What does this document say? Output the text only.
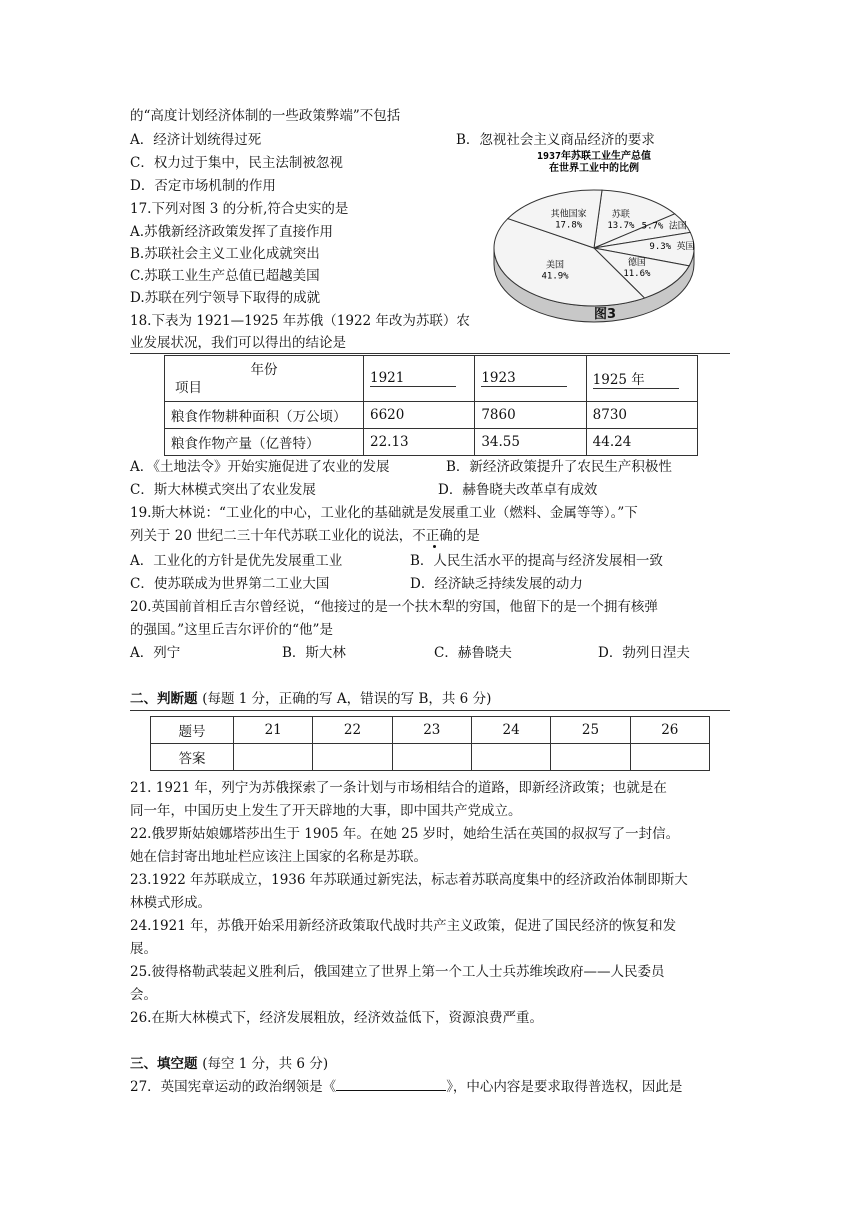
的“高度计划经济体制的一些政策弊端”不包括
A．经济计划统得过死	B．忽视社会主义商品经济的要求
C．权力过于集中，民主法制被忽视
D．否定市场机制的作用
17.下列对图 3 的分析,符合史实的是
A.苏俄新经济政策发挥了直接作用
B.苏联社会主义工业化成就突出
C.苏联工业生产总值已超越美国
D.苏联在列宁领导下取得的成就
1937年苏联工业生产总值
在世界工业中的比例
苏联
13.7% 5.7% 法国
9.3% 英国
德国
11.6%
美国
41.9%
其他国家
17.8%
图3
18.下表为 1921—1925 年苏俄（1922 年改为苏联）农
业发展状况，我们可以得出的结论是
年份
项目	1921	1923	1925 年
粮食作物耕种面积（万公顷）	6620	7860	8730
粮食作物产量（亿普特）	22.13	34.55	44.24
A．《土地法令》开始实施促进了农业的发展	B．新经济政策提升了农民生产积极性
C．斯大林模式突出了农业发展	D．赫鲁晓夫改革卓有成效
19.斯大林说：“工业化的中心，工业化的基础就是发展重工业（燃料、金属等等）。”下
列关于 20 世纪二三十年代苏联工业化的说法，不正确的是
A．工业化的方针是优先发展重工业	B．人民生活水平的提高与经济发展相一致
C．使苏联成为世界第二工业大国	D．经济缺乏持续发展的动力
20.英国前首相丘吉尔曾经说，“他接过的是一个扶木犁的穷国，他留下的是一个拥有核弹
的强国。”这里丘吉尔评价的“他”是
A．列宁	B．斯大林	C．赫鲁晓夫	D．勃列日涅夫
二、判断题 (每题 1 分，正确的写 A，错误的写 B，共 6 分)
题号	21	22	23	24	25	26
答案						
21. 1921 年，列宁为苏俄探索了一条计划与市场相结合的道路，即新经济政策；也就是在
同一年，中国历史上发生了开天辟地的大事，即中国共产党成立。
22.俄罗斯姑娘娜塔莎出生于 1905 年。在她 25 岁时，她给生活在英国的叔叔写了一封信。
她在信封寄出地址栏应该注上国家的名称是苏联。
23.1922 年苏联成立，1936 年苏联通过新宪法，标志着苏联高度集中的经济政治体制即斯大
林模式形成。
24.1921 年，苏俄开始采用新经济政策取代战时共产主义政策，促进了国民经济的恢复和发
展。
25.彼得格勒武装起义胜利后，俄国建立了世界上第一个工人士兵苏维埃政府——人民委员
会。
26.在斯大林模式下，经济发展粗放，经济效益低下，资源浪费严重。
三、填空题 (每空 1 分，共 6 分)
27．英国宪章运动的政治纲领是《	》，中心内容是要求取得普选权，因此是
